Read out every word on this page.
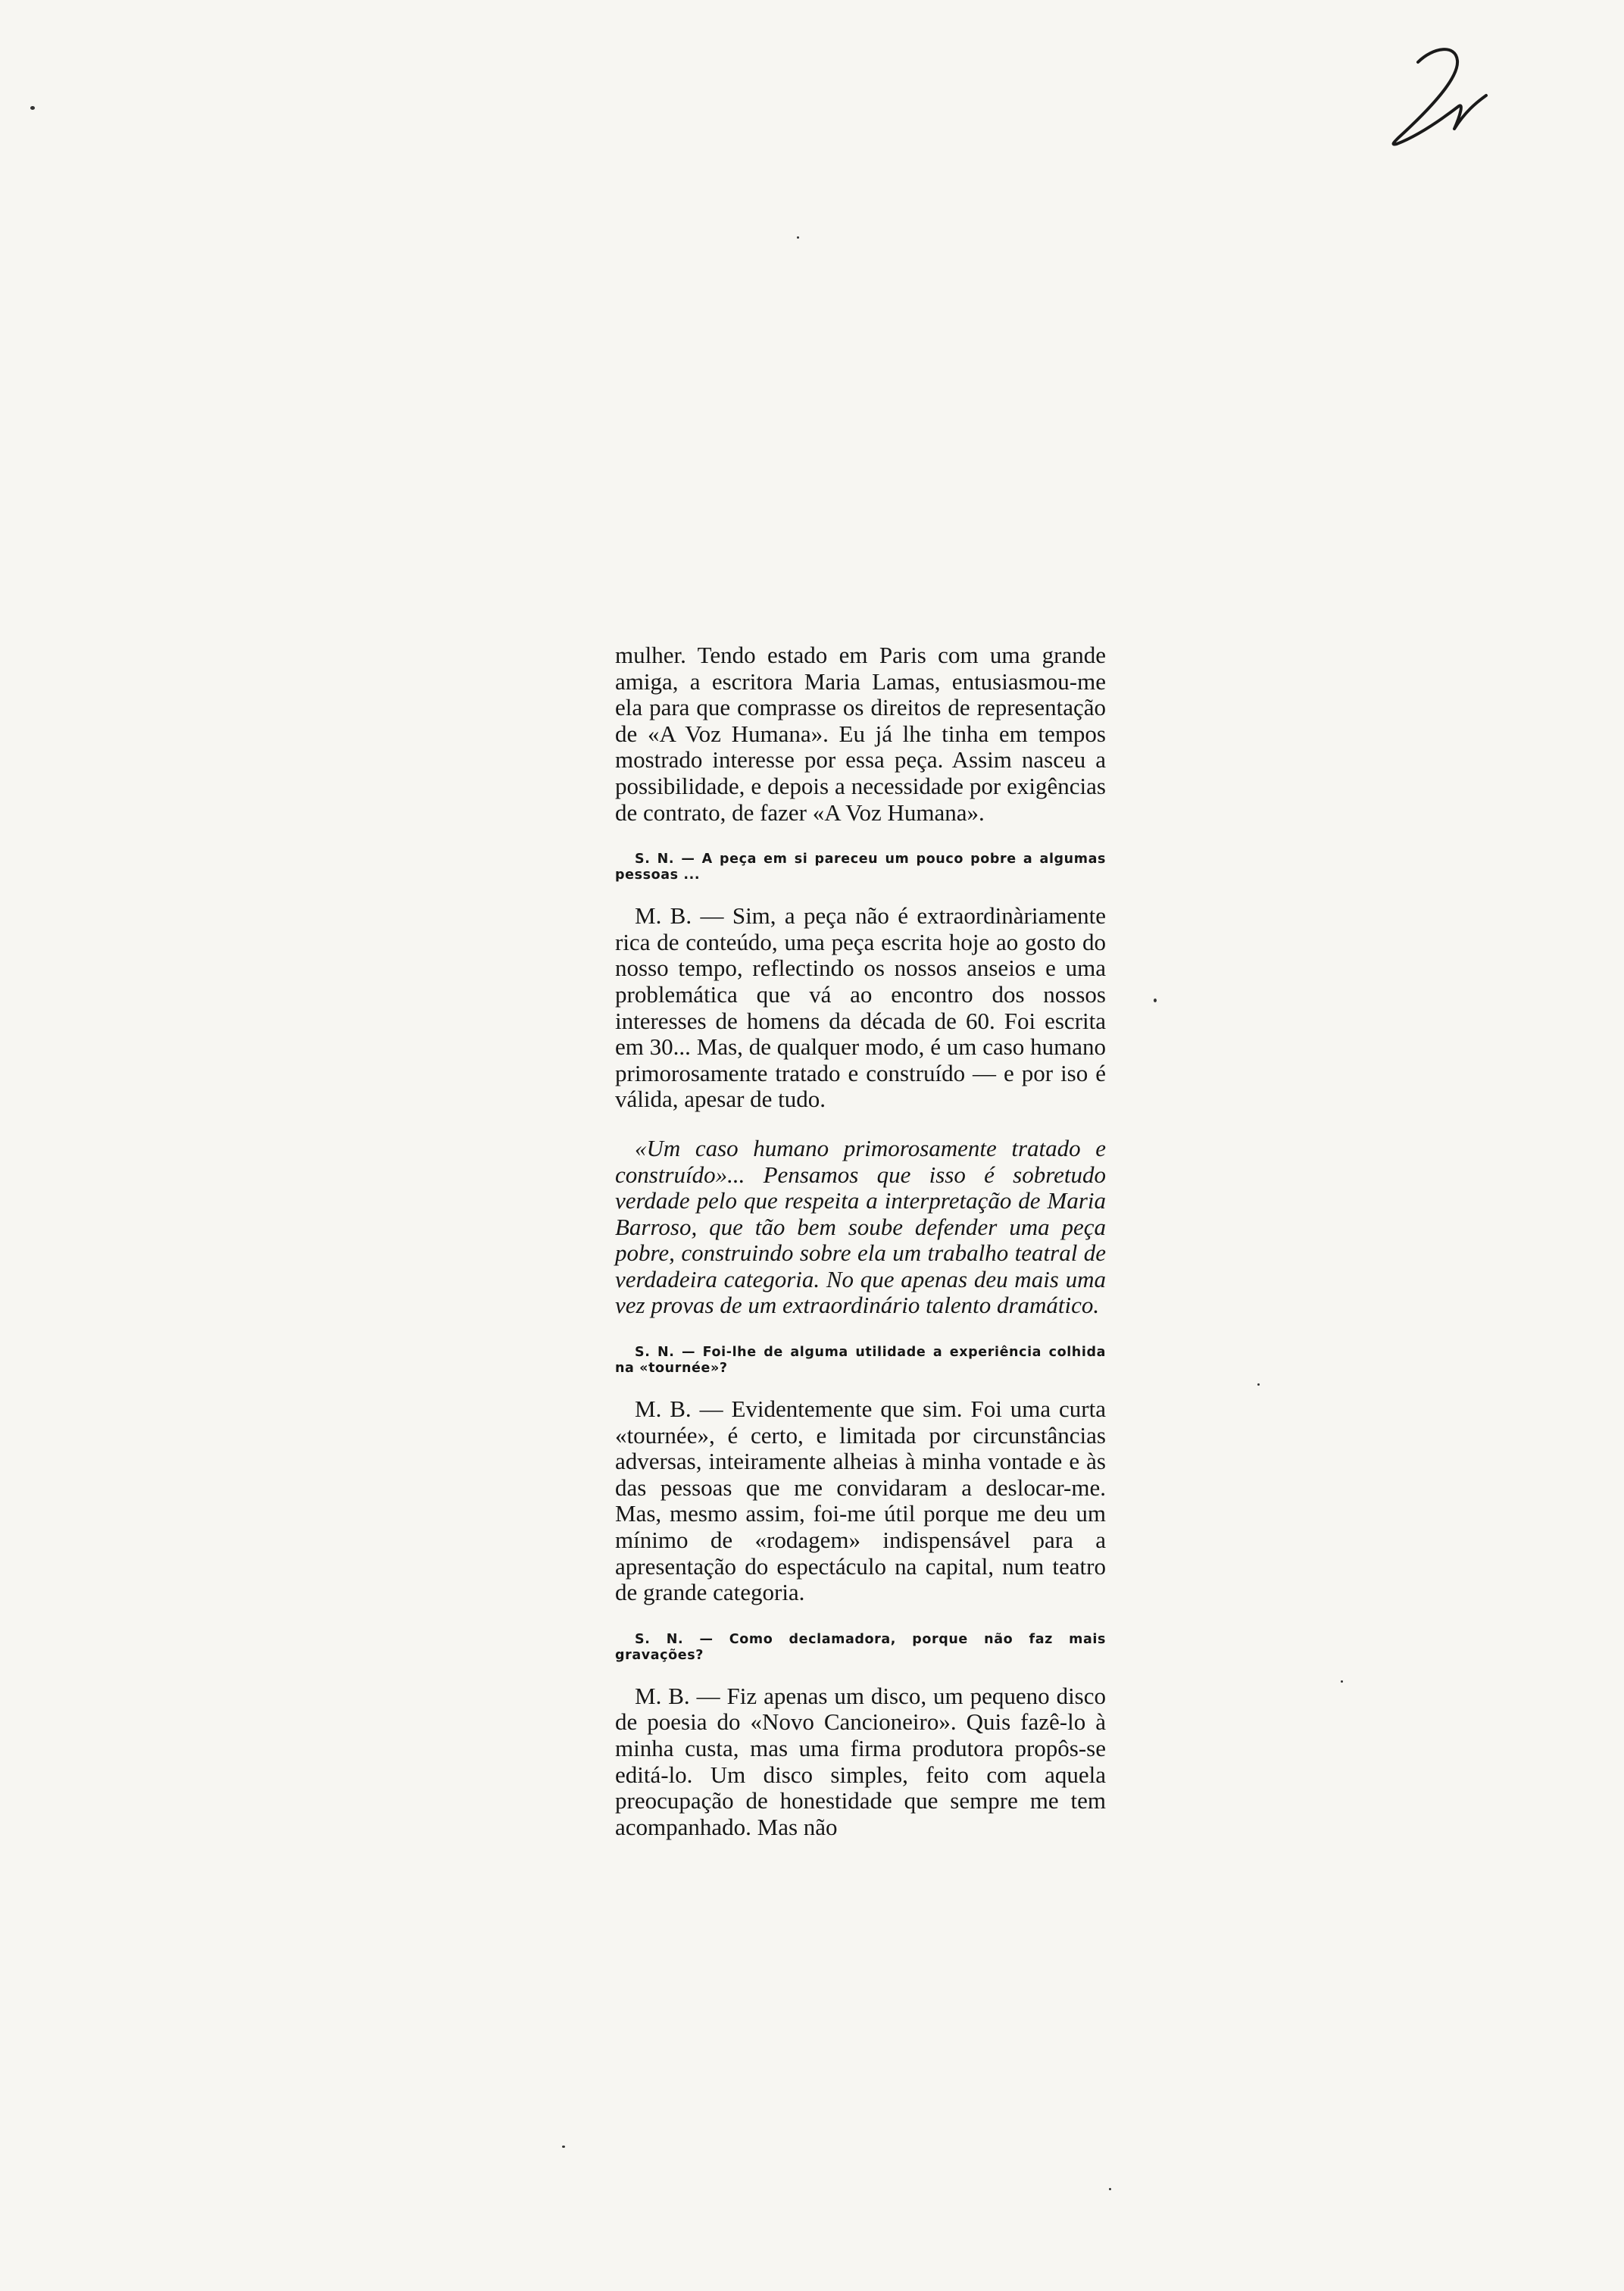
mulher. Tendo estado em Paris com uma grande amiga, a escritora Maria Lamas, entusiasmou-me ela para que comprasse os direitos de representação de «A Voz Humana». Eu já lhe tinha em tempos mostrado interesse por essa peça. Assim nasceu a possibilidade, e depois a necessidade por exigências de contrato, de fazer «A Voz Humana».

S. N. — A peça em si pareceu um pouco pobre a algumas pessoas ...

M. B. — Sim, a peça não é extraordinàriamente rica de conteúdo, uma peça escrita hoje ao gosto do nosso tempo, reflectindo os nossos anseios e uma problemática que vá ao encontro dos nossos interesses de homens da década de 60. Foi escrita em 30... Mas, de qualquer modo, é um caso humano primorosamente tratado e construído — e por iso é válida, apesar de tudo.

«Um caso humano primorosamente tratado e construído»... Pensamos que isso é sobretudo verdade pelo que respeita a interpretação de Maria Barroso, que tão bem soube defender uma peça pobre, construindo sobre ela um trabalho teatral de verdadeira categoria. No que apenas deu mais uma vez provas de um extraordinário talento dramático.

S. N. — Foi-lhe de alguma utilidade a experiência colhida na «tournée»?

M. B. — Evidentemente que sim. Foi uma curta «tournée», é certo, e limitada por circunstâncias adversas, inteiramente alheias à minha vontade e às das pessoas que me convidaram a deslocar-me. Mas, mesmo assim, foi-me útil porque me deu um mínimo de «rodagem» indispensável para a apresentação do espectáculo na capital, num teatro de grande categoria.

S. N. — Como declamadora, porque não faz mais gravações?

M. B. — Fiz apenas um disco, um pequeno disco de poesia do «Novo Cancioneiro». Quis fazê-lo à minha custa, mas uma firma produtora propôs-se editá-lo. Um disco simples, feito com aquela preocupação de honestidade que sempre me tem acompanhado. Mas não
